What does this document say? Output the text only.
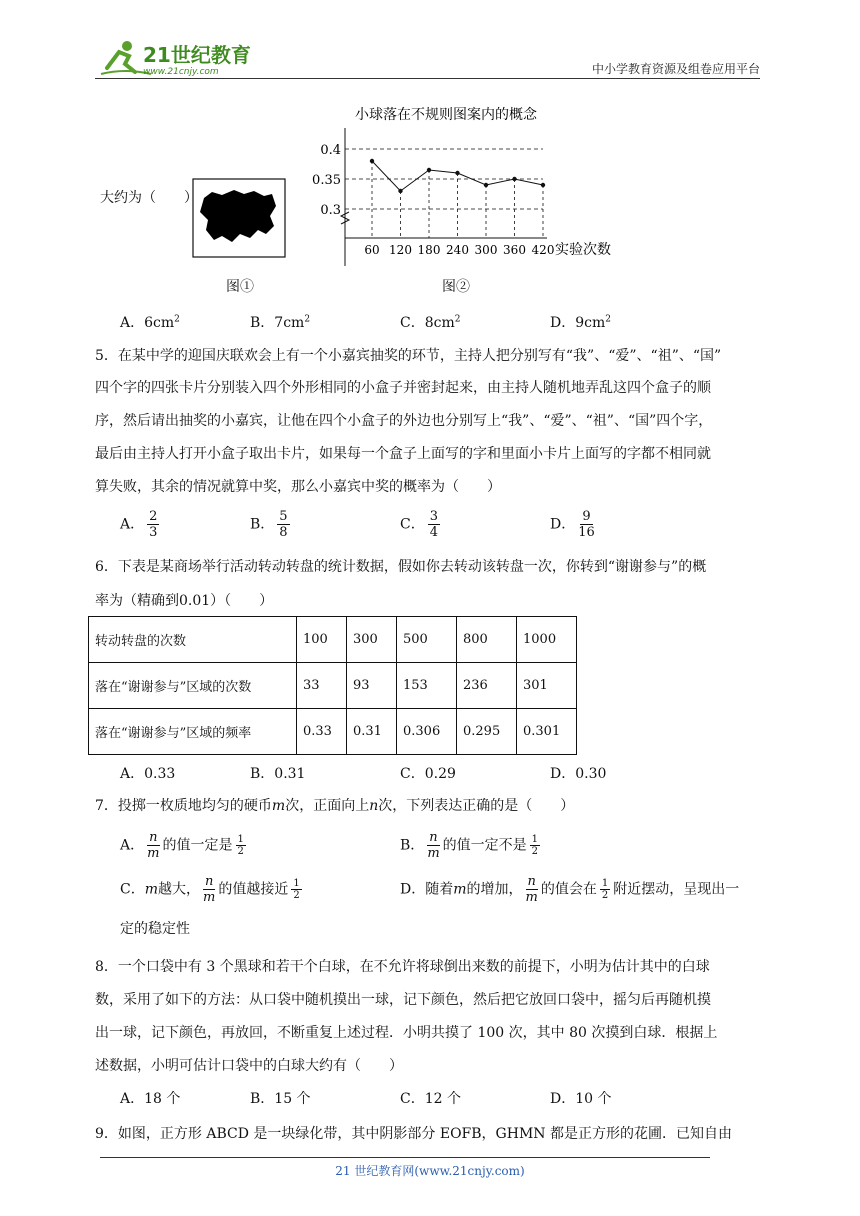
21世纪教育
www.21cnjy.com	中小学教育资源及组卷应用平台
大约为（　　）
图①
小球落在不规则图案内的概念
0.4
0.35
0.3
60 120 180 240 300 360 420 实验次数
图②
A．$6cm^2$	B．$7cm^2$	C．$8cm^2$	D．$9cm^2$
5．在某中学的迎国庆联欢会上有一个小嘉宾抽奖的环节，主持人把分别写有“我”、“爱”、“祖”、“国”
四个字的四张卡片分别装入四个外形相同的小盒子并密封起来，由主持人随机地弄乱这四个盒子的顺
序，然后请出抽奖的小嘉宾，让他在四个小盒子的外边也分别写上“我”、“爱”、“祖”、“国”四个字，
最后由主持人打开小盒子取出卡片，如果每一个盒子上面写的字和里面小卡片上面写的字都不相同就
算失败，其余的情况就算中奖，那么小嘉宾中奖的概率为（　　）
A． $\frac{2}{3}$	B． $\frac{5}{8}$	C． $\frac{3}{4}$	D． $\frac{9}{16}$
6．下表是某商场举行活动转动转盘的统计数据，假如你去转动该转盘一次，你转到“谢谢参与”的概
率为（精确到0.01）（　　）
转动转盘的次数	100	300	500	800	1000
落在“谢谢参与”区域的次数	33	93	153	236	301
落在“谢谢参与”区域的频率	0.33	0.31	0.306	0.295	0.301
A．0.33	B．0.31	C．0.29	D．0.30
7．投掷一枚质地均匀的硬币m次，正面向上n次，下列表达正确的是（　　）
A． $\frac{n}{m}$ 的值一定是 $\frac{1}{2}$	B． $\frac{n}{m}$ 的值一定不是 $\frac{1}{2}$
C．m越大， $\frac{n}{m}$ 的值越接近 $\frac{1}{2}$	D．随着m的增加， $\frac{n}{m}$ 的值会在 $\frac{1}{2}$ 附近摆动，呈现出一
定的稳定性
8．一个口袋中有 3 个黑球和若干个白球，在不允许将球倒出来数的前提下，小明为估计其中的白球
数，采用了如下的方法：从口袋中随机摸出一球，记下颜色，然后把它放回口袋中，摇匀后再随机摸
出一球，记下颜色，再放回，不断重复上述过程．小明共摸了 100 次，其中 80 次摸到白球．根据上
述数据，小明可估计口袋中的白球大约有（　　）
A．18 个	B．15 个	C．12 个	D．10 个
9．如图，正方形 ABCD 是一块绿化带，其中阴影部分 EOFB，GHMN 都是正方形的花圃．已知自由
21 世纪教育网(www.21cnjy.com)
